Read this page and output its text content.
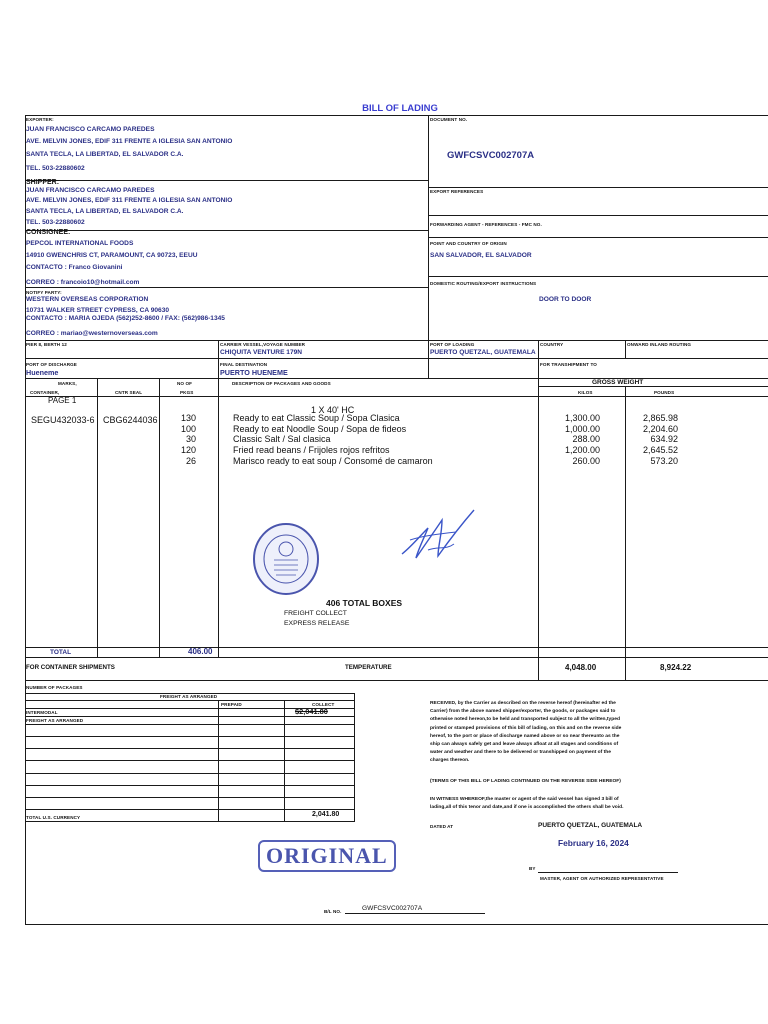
BILL OF LADING
EXPORTER:
JUAN FRANCISCO CARCAMO PAREDES
AVE. MELVIN JONES, EDIF 311 FRENTE A IGLESIA SAN ANTONIO
SANTA TECLA, LA LIBERTAD, EL SALVADOR C.A.
TEL. 503-22880602
DOCUMENT NO.
GWFCSVC002707A
SHIPPER:
JUAN FRANCISCO CARCAMO PAREDES
AVE. MELVIN JONES, EDIF 311 FRENTE A IGLESIA SAN ANTONIO
SANTA TECLA, LA LIBERTAD, EL SALVADOR C.A.
TEL. 503-22880602
EXPORT REFERENCES
FORWARDING AGENT - REFERENCES - FMC NO.
CONSIGNEE:
PEPCOL INTERNATIONAL FOODS
14910 GWENCHRIS CT, PARAMOUNT, CA 90723, EEUU
CONTACTO : Franco Giovanini
CORREO : francoio10@hotmail.com
POINT AND COUNTRY OF ORIGIN
SAN SALVADOR, EL SALVADOR
DOMESTIC ROUTING/EXPORT INSTRUCTIONS
DOOR TO DOOR
NOTIFY PARTY:
WESTERN OVERSEAS CORPORATION
10731 WALKER STREET CYPRESS, CA 90630
CONTACTO : MARIA OJEDA (562)252-8600 / FAX: (562)986-1345
CORREO : mariao@westernoverseas.com
PIER 8, BERTH 12	CARRIER VESSEL,VOYAGE NUMBER
CHIQUITA VENTURE 179N
PORT OF LOADING
PUERTO QUETZAL, GUATEMALA
COUNTRY	ONWARD INLAND ROUTING
PORT OF DISCHARGE
Hueneme
FINAL DESTINATION
PUERTO HUENEME
FOR TRANSHIPMENT TO
MARKS,
CONTAINER,	CNTR SEAL
NO OF
PKGS
DESCRIPTION OF PACKAGES AND GOODS	GROSS WEIGHT
KILOS	POUNDS
PAGE 1
SEGU432033-6 CBG6244036
1 X 40' HC
130	Ready to eat Classic Soup / Sopa Clasica	1,300.00	2,865.98
100	Ready to eat Noodle Soup / Sopa de fideos	1,000.00	2,204.60
30	Classic Salt / Sal clasica	288.00	634.92
120	Fried read beans / Frijoles rojos refritos	1,200.00	2,645.52
26	Marisco ready to eat soup / Consomé de camaron	260.00	573.20
406 TOTAL BOXES
FREIGHT COLLECT
EXPRESS RELEASE
TOTAL	406.00
FOR CONTAINER SHIPMENTS	TEMPERATURE	4,048.00	8,924.22
NUMBER OF PACKAGES
FREIGHT AS ARRANGED
PREPAID	COLLECT
$2,041.80
INTERMODAL
FREIGHT AS ARRANGED
TOTAL U.S. CURRENCY	2,041.80
RECEIVED, by the Carrier as described on the reverse hereof (hereinafter ed the
Carrier) from the above named shipper/exporter, the goods, or packages said to
otherwise noted hereon,to be held and transported subject to all the written,typed
printed or stamped provisions of this bill of lading, on this and on the reverse side
hereof, to the port or place of discharge named above or so near thereunto as the
ship can always safely get and leave always afloat at all stages and conditions of
water and weather and there to be delivered or transhipped on payment of the
charges thereon.
(TERMS OF THIS BILL OF LADING CONTINUED ON THE REVERSE SIDE HEREOF)
IN WITNESS WHEREOF,the master or agent of the said vessel has signed 3 bill of
lading,all of this tenor and date,and if one is accomplished the others shall be void.
DATED AT	PUERTO QUETZAL, GUATEMALA
February 16, 2024
BY
MASTER, AGENT OR AUTHORIZED REPRESENTATIVE
ORIGINAL
B/L NO.	GWFCSVC002707A
